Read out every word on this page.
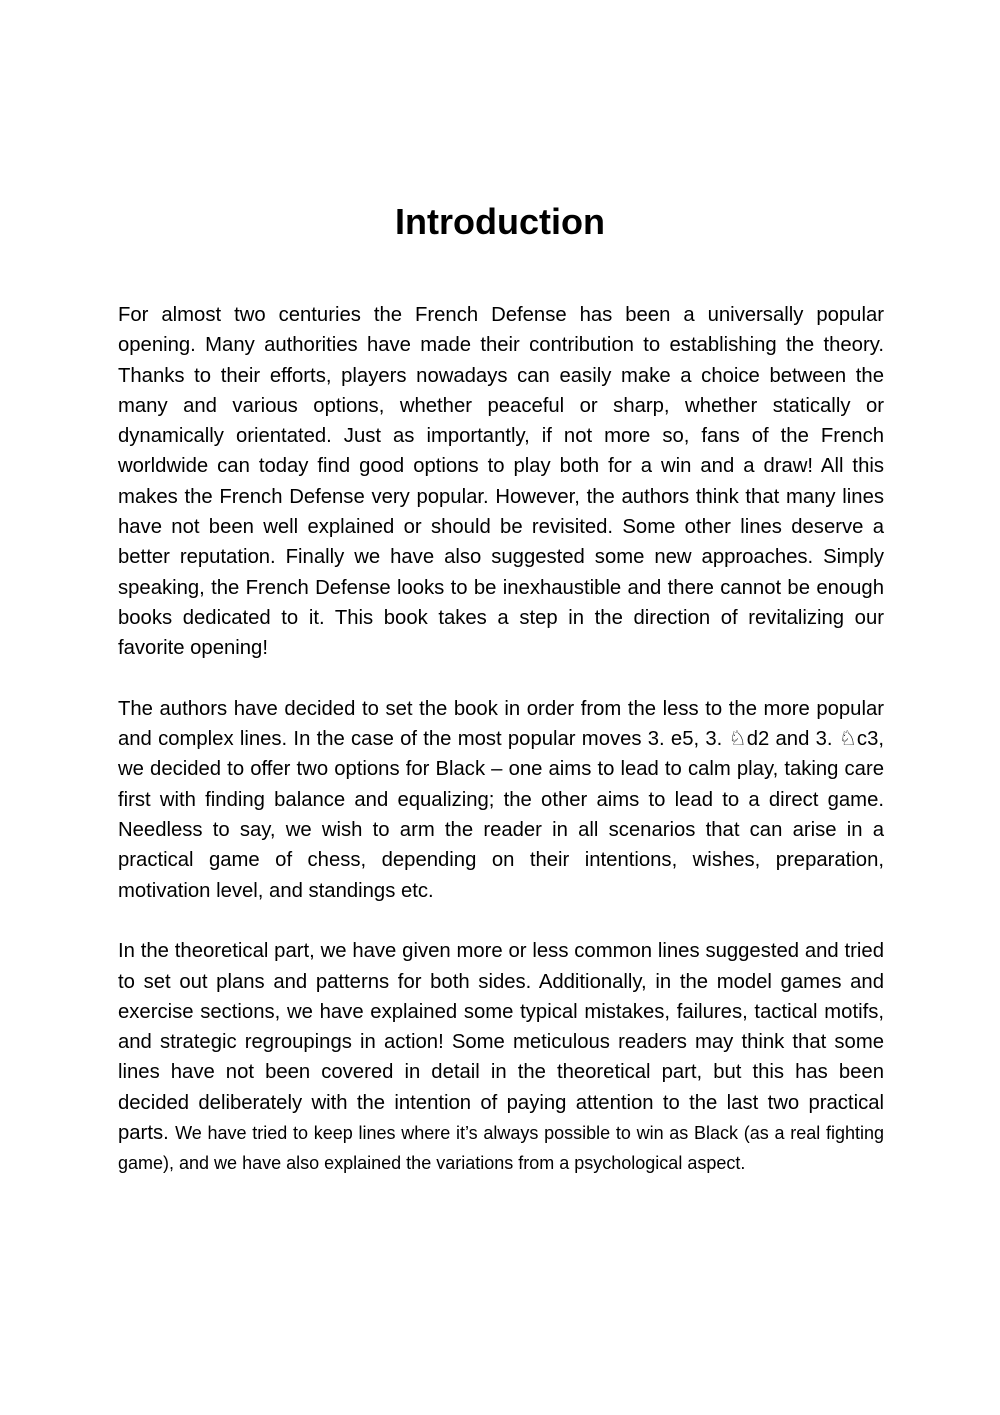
Introduction

For almost two centuries the French Defense has been a universally popular opening. Many authorities have made their contribution to establishing the theory. Thanks to their efforts, players nowadays can easily make a choice between the many and various options, whether peaceful or sharp, whether statically or dynamically orientated. Just as importantly, if not more so, fans of the French worldwide can today find good options to play both for a win and a draw! All this makes the French Defense very popular. However, the authors think that many lines have not been well explained or should be revisited. Some other lines deserve a better reputation. Finally we have also suggested some new approaches. Simply speaking, the French Defense looks to be inexhaustible and there cannot be enough books dedicated to it. This book takes a step in the direction of revitalizing our favorite opening!

The authors have decided to set the book in order from the less to the more popular and complex lines. In the case of the most popular moves 3. e5, 3. ♘d2 and 3. ♘c3, we decided to offer two options for Black – one aims to lead to calm play, taking care first with finding balance and equalizing; the other aims to lead to a direct game. Needless to say, we wish to arm the reader in all scenarios that can arise in a practical game of chess, depending on their intentions, wishes, preparation, motivation level, and standings etc.

In the theoretical part, we have given more or less common lines suggested and tried to set out plans and patterns for both sides. Additionally, in the model games and exercise sections, we have explained some typical mistakes, failures, tactical motifs, and strategic regroupings in action! Some meticulous readers may think that some lines have not been covered in detail in the theoretical part, but this has been decided deliberately with the intention of paying attention to the last two practical parts. We have tried to keep lines where it’s always possible to win as Black (as a real fighting game), and we have also explained the variations from a psychological aspect.
